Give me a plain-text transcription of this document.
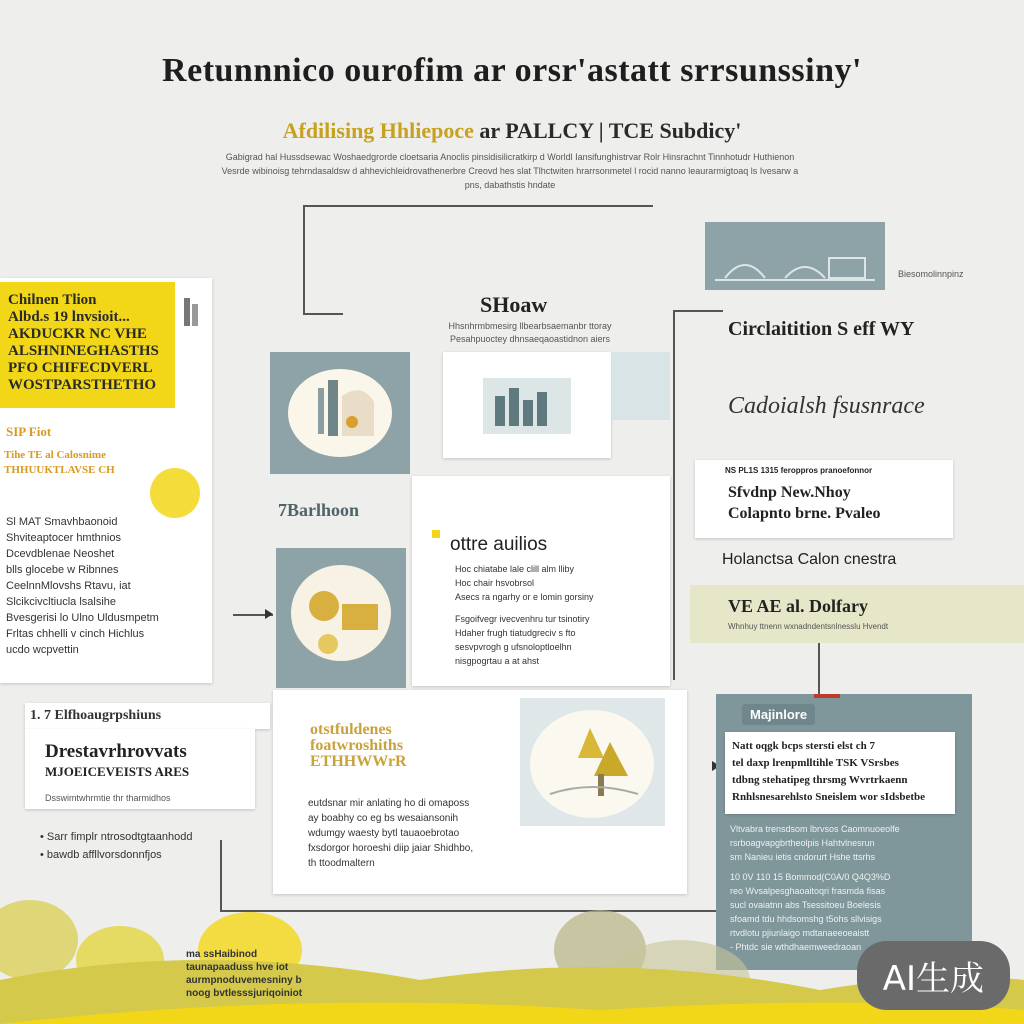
Retunnnico ourofim ar orsr'astatt srrsunssiny'
Afdilising Hhliepoce ar PALLCY | TCE Subdicy'
Gabigrad hal Hussdsewac Woshaedgrorde cloetsaria Anoclis pinsidisilicratkirp d Worldl Iansifunghistrvar Rolr Hinsrachnt Tinnhotudr Huthienon Vesrde wibinoisg tehrndasaldsw d ahhevichleidrovathenerbre Creovd hes slat Tlhctwiten hrarrsonmetel l rocid nanno leaurarmigtoaq ls Ivesarw a pns, dabathstis hndate
Chilnen Tlion
Albd.s 19 lnvsioit...
AKDUCKR NC VHE
ALSHNINEGHASTHS
PFO CHIFECDVERL
WOSTPARSTHETHO
SIP Fiot
Tihe TE al Calosnime
THHUUKTLAVSE CH
Sl MAT Smavhbaonoid
Shviteaptocer hmthnios
Dcevdblenae Neoshet
blls glocebe w Ribnnes
CeelnnMlovshs Rtavu, iat
Slcikcivcltiucla lsalsihe
Bvesgerisi lo Ulno Uldusmpetm
Frltas chhelli v cinch Hichlus
ucdo wcpvettin
1. 7 Elfhoaugrpshiuns
Drestavrhrovvats
MJOEICEVEISTS ARES
Dsswimtwhrmtie thr tharmidhos
• Sarr fimplr ntrosodtgtaanhodd
• bawdb affllvorsdonnfjos
SHoaw
Hhsnhrmbmesirg llbearbsaemanbr ttoray Pesahpuoctey dhnsaeqaoastidnon aiers
7Barlhoon
ottre auilios
Hoc chiatabe lale clill alm lliby
Hoc chair hsvobrsol
Asecs ra ngarhy or e lomin gorsiny
Fsgoifvegr ivecvenhru tur tsinotiry
Hdaher frugh tiatudgreciv s fto
sesvpvrogh g ufsnoloptloelhn
nisgpogrtau a at ahst
otstfuldenes
foatwroshiths
ETHHWWrR
eutdsnar mir anlating ho di omaposs
ay boabhy co eg bs wesaiansonih
wdumgy waesty bytl tauaoebrotao
fxsdorgor horoeshi diip jaiar Shidhbo,
th ttoodmaltern
Biesomolinnpinz
Circlaitition S eff WY
Cadoialsh fsusnrace
NS PL1S 1315 feroppros pranoefonnor
Sfvdnp New.Nhoy
Colapnto brne. Pvaleo
Holanctsa Calon cnestra
VE AE al. Dolfary
Whnhuy ttnenn wxnadndentsnlnesslu Hvendt
Majinlore
Natt oqgk bcps stersti elst ch 7
tel daxp lrenpmlltihle TSK VSrsbes
tdbng stehatipeg thrsmg Wvrtrkaenn
Rnhlsnesarehlsto Sneislem wor sIdsbetbe
Vltvabra trensdsom lbrvsos Caomnuoeolfe
rsrboagvapgbrtheolpis Hahtvlnesrun
sm Nanieu ietis cndorurt Hshe ttsrhs
10 0V 110 15 Bommod(C0A/0 Q4Q3%D
reo Wvsalpesghaoaitoqri frasmda fisas
sucl ovaiatnn abs Tsessitoeu Boelesis
sfoamd tdu hhdsomshg t5ohs sllvisigs
rtvdlotu pjiunlaigo mdtanaeeoeaistt
- Phtdc sie wthdhaemweedraoan
ma ssHaibinod
taunapaaduss hve iot
aurmpnoduvemesniny b
noog bvtlesssjuriqoiniot	AI生成
